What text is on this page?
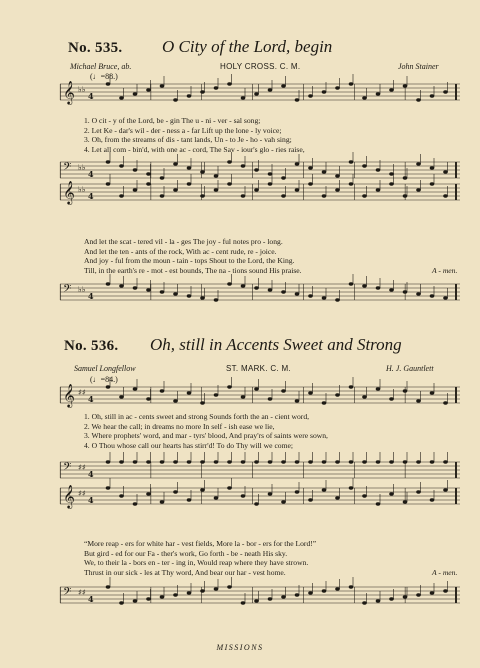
No. 535. O City of the Lord, begin
Michael Bruce, ab.	HOLY CROSS. C. M.	John Stainer
(♩=88.)
𝄞 ♭♭
4
1. O cit - y of the Lord, be - gin The u - ni - ver - sal song;
2. Let Ke - dar's wil - der - ness a - far Lift up the lone - ly voice;
3. Oh, from the streams of dis - tant lands, Un - to Je - ho - vah sing;
4. Let all com - bin'd, with one ac - cord, The Sav - iour's glo - ries raise,
𝄢 ♭♭
4
𝄞 ♭♭
4
And let the scat - tered vil - la - ges The joy - ful notes pro - long.
And let the ten - ants of the rock, With ac - cent rude, re - joice.
And joy - ful from the moun - tain - tops Shout to the Lord, the King.
Till, in the earth's re - mot - est bounds, The na - tions sound His praise.	A - men.
𝄢 ♭♭
4
No. 536. Oh, still in Accents Sweet and Strong
Samuel Longfellow	ST. MARK. C. M.	H. J. Gauntlett
(♩=84.)
𝄞 ♯♯
4
1. Oh, still in ac - cents sweet and strong Sounds forth the an - cient word,
2. We hear the call; in dreams no more In self - ish ease we lie,
3. Where prophets' word, and mar - tyrs' blood, And pray'rs of saints were sown,
4. O Thou whose call our hearts has stirr'd! To do Thy will we come;
𝄢 ♯♯
4
𝄞 ♯♯
4
“More reap - ers for white har - vest fields, More la - bor - ers for the Lord!”
But gird - ed for our Fa - ther's work, Go forth - be - neath His sky.
We, to their la - bors en - ter - ing in, Would reap where they have strown.
Thrust in our sick - les at Thy word, And bear our har - vest home.	A - men.
𝄢 ♯♯
4
MISSIONS
